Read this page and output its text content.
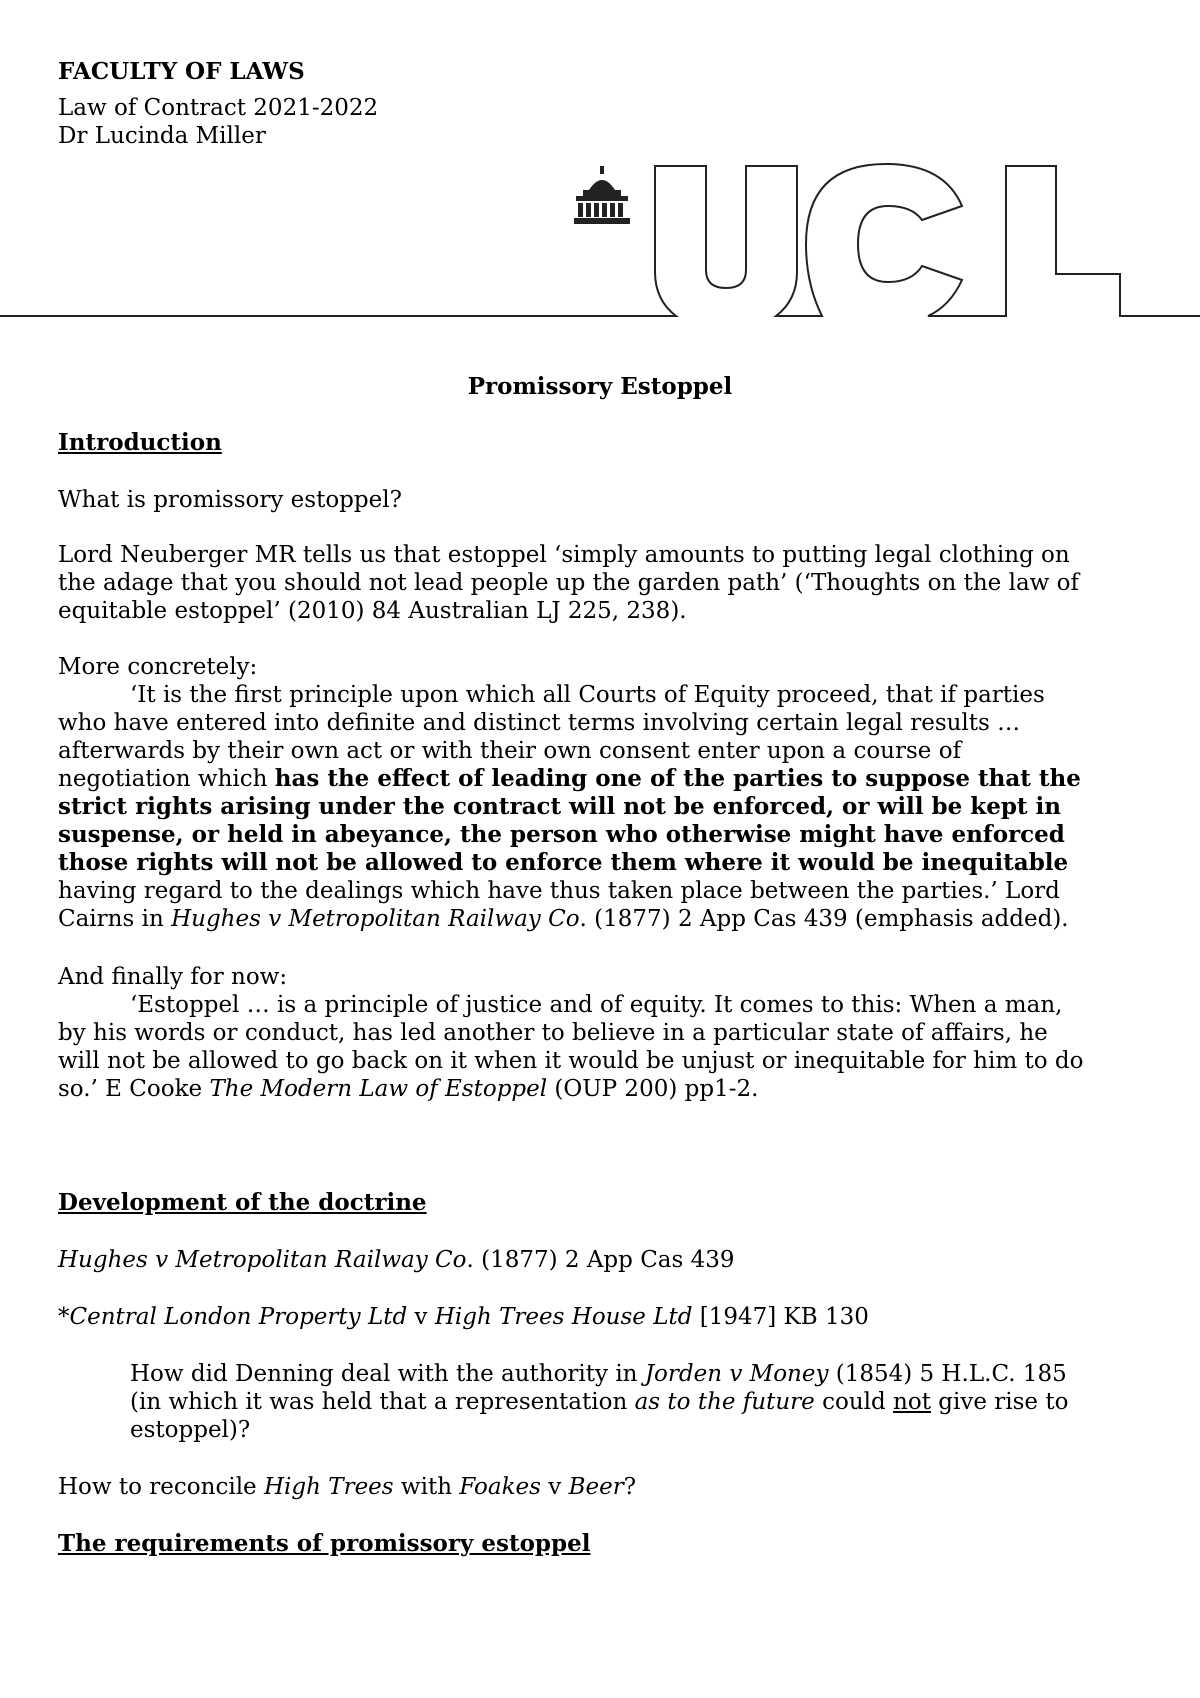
FACULTY OF LAWS
Law of Contract 2021-2022
Dr Lucinda Miller
Promissory Estoppel
Introduction
What is promissory estoppel?
Lord Neuberger MR tells us that estoppel ‘simply amounts to putting legal clothing on
the adage that you should not lead people up the garden path’ (‘Thoughts on the law of
equitable estoppel’ (2010) 84 Australian LJ 225, 238).
More concretely:
‘It is the first principle upon which all Courts of Equity proceed, that if parties
who have entered into definite and distinct terms involving certain legal results …
afterwards by their own act or with their own consent enter upon a course of
negotiation which has the effect of leading one of the parties to suppose that the
strict rights arising under the contract will not be enforced, or will be kept in
suspense, or held in abeyance, the person who otherwise might have enforced
those rights will not be allowed to enforce them where it would be inequitable
having regard to the dealings which have thus taken place between the parties.’ Lord
Cairns in Hughes v Metropolitan Railway Co. (1877) 2 App Cas 439 (emphasis added).
And finally for now:
‘Estoppel … is a principle of justice and of equity. It comes to this: When a man,
by his words or conduct, has led another to believe in a particular state of affairs, he
will not be allowed to go back on it when it would be unjust or inequitable for him to do
so.’ E Cooke The Modern Law of Estoppel (OUP 200) pp1-2.
Development of the doctrine
Hughes v Metropolitan Railway Co. (1877) 2 App Cas 439
*Central London Property Ltd v High Trees House Ltd [1947] KB 130
How did Denning deal with the authority in Jorden v Money (1854) 5 H.L.C. 185
(in which it was held that a representation as to the future could not give rise to
estoppel)?
How to reconcile High Trees with Foakes v Beer?
The requirements of promissory estoppel
